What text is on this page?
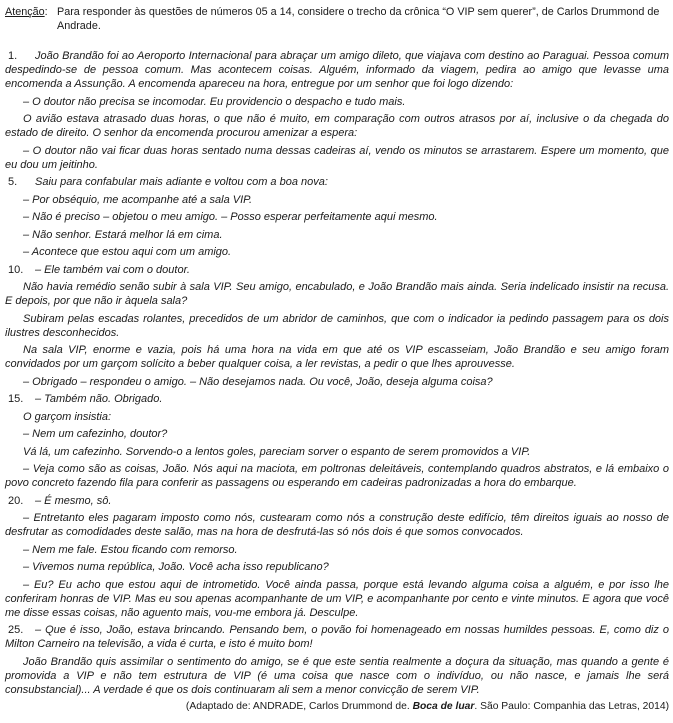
Atenção: Para responder às questões de números 05 a 14, considere o trecho da crônica “O VIP sem querer”, de Carlos Drummond de Andrade.

1. João Brandão foi ao Aeroporto Internacional para abraçar um amigo dileto, que viajava com destino ao Paraguai. Pessoa comum despedindo-se de pessoa comum. Mas acontecem coisas. Alguém, informado da viagem, pedira ao amigo que levasse uma encomenda a Assunção. A encomenda apareceu na hora, entregue por um senhor que foi logo dizendo:

– O doutor não precisa se incomodar. Eu providencio o despacho e tudo mais.

O avião estava atrasado duas horas, o que não é muito, em comparação com outros atrasos por aí, inclusive o da chegada do estado de direito. O senhor da encomenda procurou amenizar a espera:

– O doutor não vai ficar duas horas sentado numa dessas cadeiras aí, vendo os minutos se arrastarem. Espere um momento, que eu dou um jeitinho.

5. Saiu para confabular mais adiante e voltou com a boa nova:

– Por obséquio, me acompanhe até a sala VIP.

– Não é preciso – objetou o meu amigo. – Posso esperar perfeitamente aqui mesmo.

– Não senhor. Estará melhor lá em cima.

– Acontece que estou aqui com um amigo.

10. – Ele também vai com o doutor.

Não havia remédio senão subir à sala VIP. Seu amigo, encabulado, e João Brandão mais ainda. Seria indelicado insistir na recusa. E depois, por que não ir àquela sala?

Subiram pelas escadas rolantes, precedidos de um abridor de caminhos, que com o indicador ia pedindo passagem para os dois ilustres desconhecidos.

Na sala VIP, enorme e vazia, pois há uma hora na vida em que até os VIP escasseiam, João Brandão e seu amigo foram convidados por um garçom solícito a beber qualquer coisa, a ler revistas, a pedir o que lhes aprouvesse.

– Obrigado – respondeu o amigo. – Não desejamos nada. Ou você, João, deseja alguma coisa?

15. – Também não. Obrigado.

O garçom insistia:

– Nem um cafezinho, doutor?

Vá lá, um cafezinho. Sorvendo-o a lentos goles, pareciam sorver o espanto de serem promovidos a VIP.

– Veja como são as coisas, João. Nós aqui na maciota, em poltronas deleitáveis, contemplando quadros abstratos, e lá embaixo o povo concreto fazendo fila para conferir as passagens ou esperando em cadeiras padronizadas a hora do embarque.

20. – É mesmo, sô.

– Entretanto eles pagaram imposto como nós, custearam como nós a construção deste edifício, têm direitos iguais ao nosso de desfrutar as comodidades deste salão, mas na hora de desfrutá-las só nós dois é que somos convocados.

– Nem me fale. Estou ficando com remorso.

– Vivemos numa república, João. Você acha isso republicano?

– Eu? Eu acho que estou aqui de intrometido. Você ainda passa, porque está levando alguma coisa a alguém, e por isso lhe conferiram honras de VIP. Mas eu sou apenas acompanhante de um VIP, e acompanhante por cento e vinte minutos. E agora que você me disse essas coisas, não aguento mais, vou-me embora já. Desculpe.

25. – Que é isso, João, estava brincando. Pensando bem, o povão foi homenageado em nossas humildes pessoas. E, como diz o Milton Carneiro na televisão, a vida é curta, e isto é muito bom!

João Brandão quis assimilar o sentimento do amigo, se é que este sentia realmente a doçura da situação, mas quando a gente é promovida a VIP e não tem estrutura de VIP (é uma coisa que nasce com o indivíduo, ou não nasce, e jamais lhe será consubstancial)... A verdade é que os dois continuaram ali sem a menor convicção de serem VIP.

(Adaptado de: ANDRADE, Carlos Drummond de. Boca de luar. São Paulo: Companhia das Letras, 2014)
